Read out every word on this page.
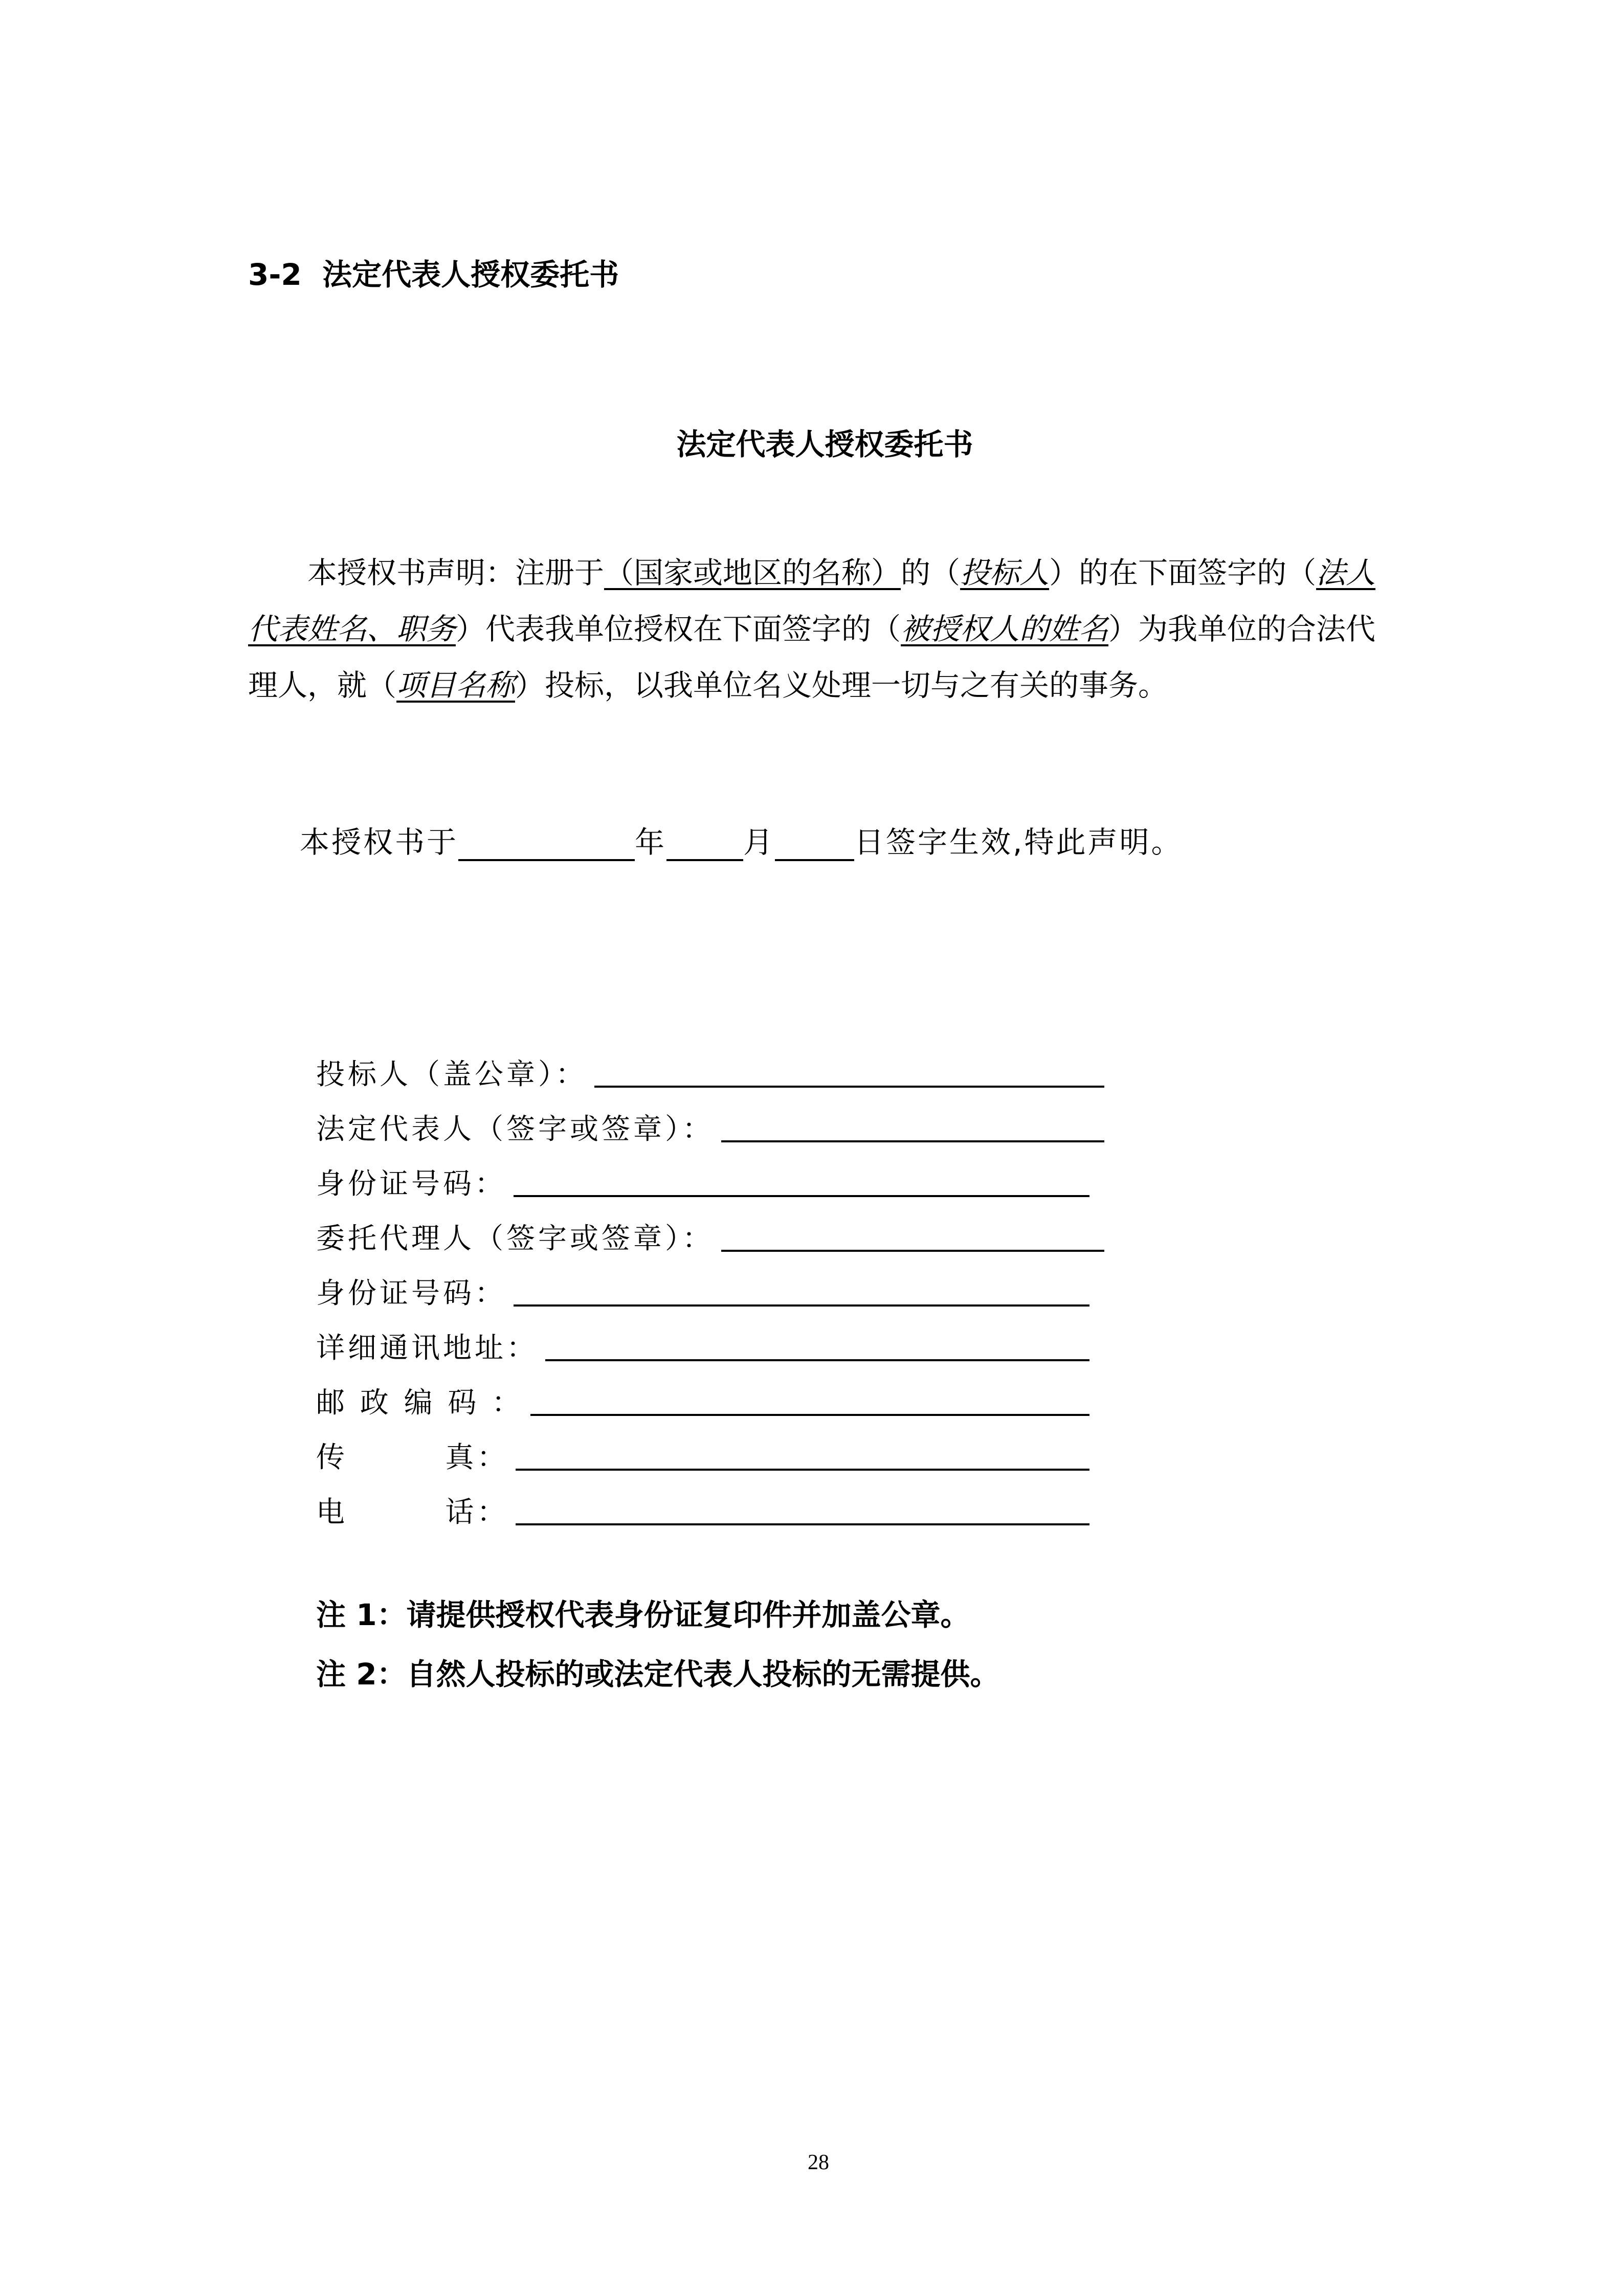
3-2  法定代表人授权委托书
法定代表人授权委托书
本授权书声明：注册于（国家或地区的名称）的（投标人）的在下面签字的（法人代表姓名、职务）代表我单位授权在下面签字的（被授权人的姓名）为我单位的合法代理人，就（项目名称）投标，以我单位名义处理一切与之有关的事务。
本授权书于	年	月	日签字生效,特此声明。
投标人（盖公章）：
法定代表人（签字或签章）：
身份证号码：
委托代理人（签字或签章）：
身份证号码：
详细通讯地址：
邮 政 编 码 ：
传        真：
电        话：
注 1：请提供授权代表身份证复印件并加盖公章。
注 2：自然人投标的或法定代表人投标的无需提供。
28
